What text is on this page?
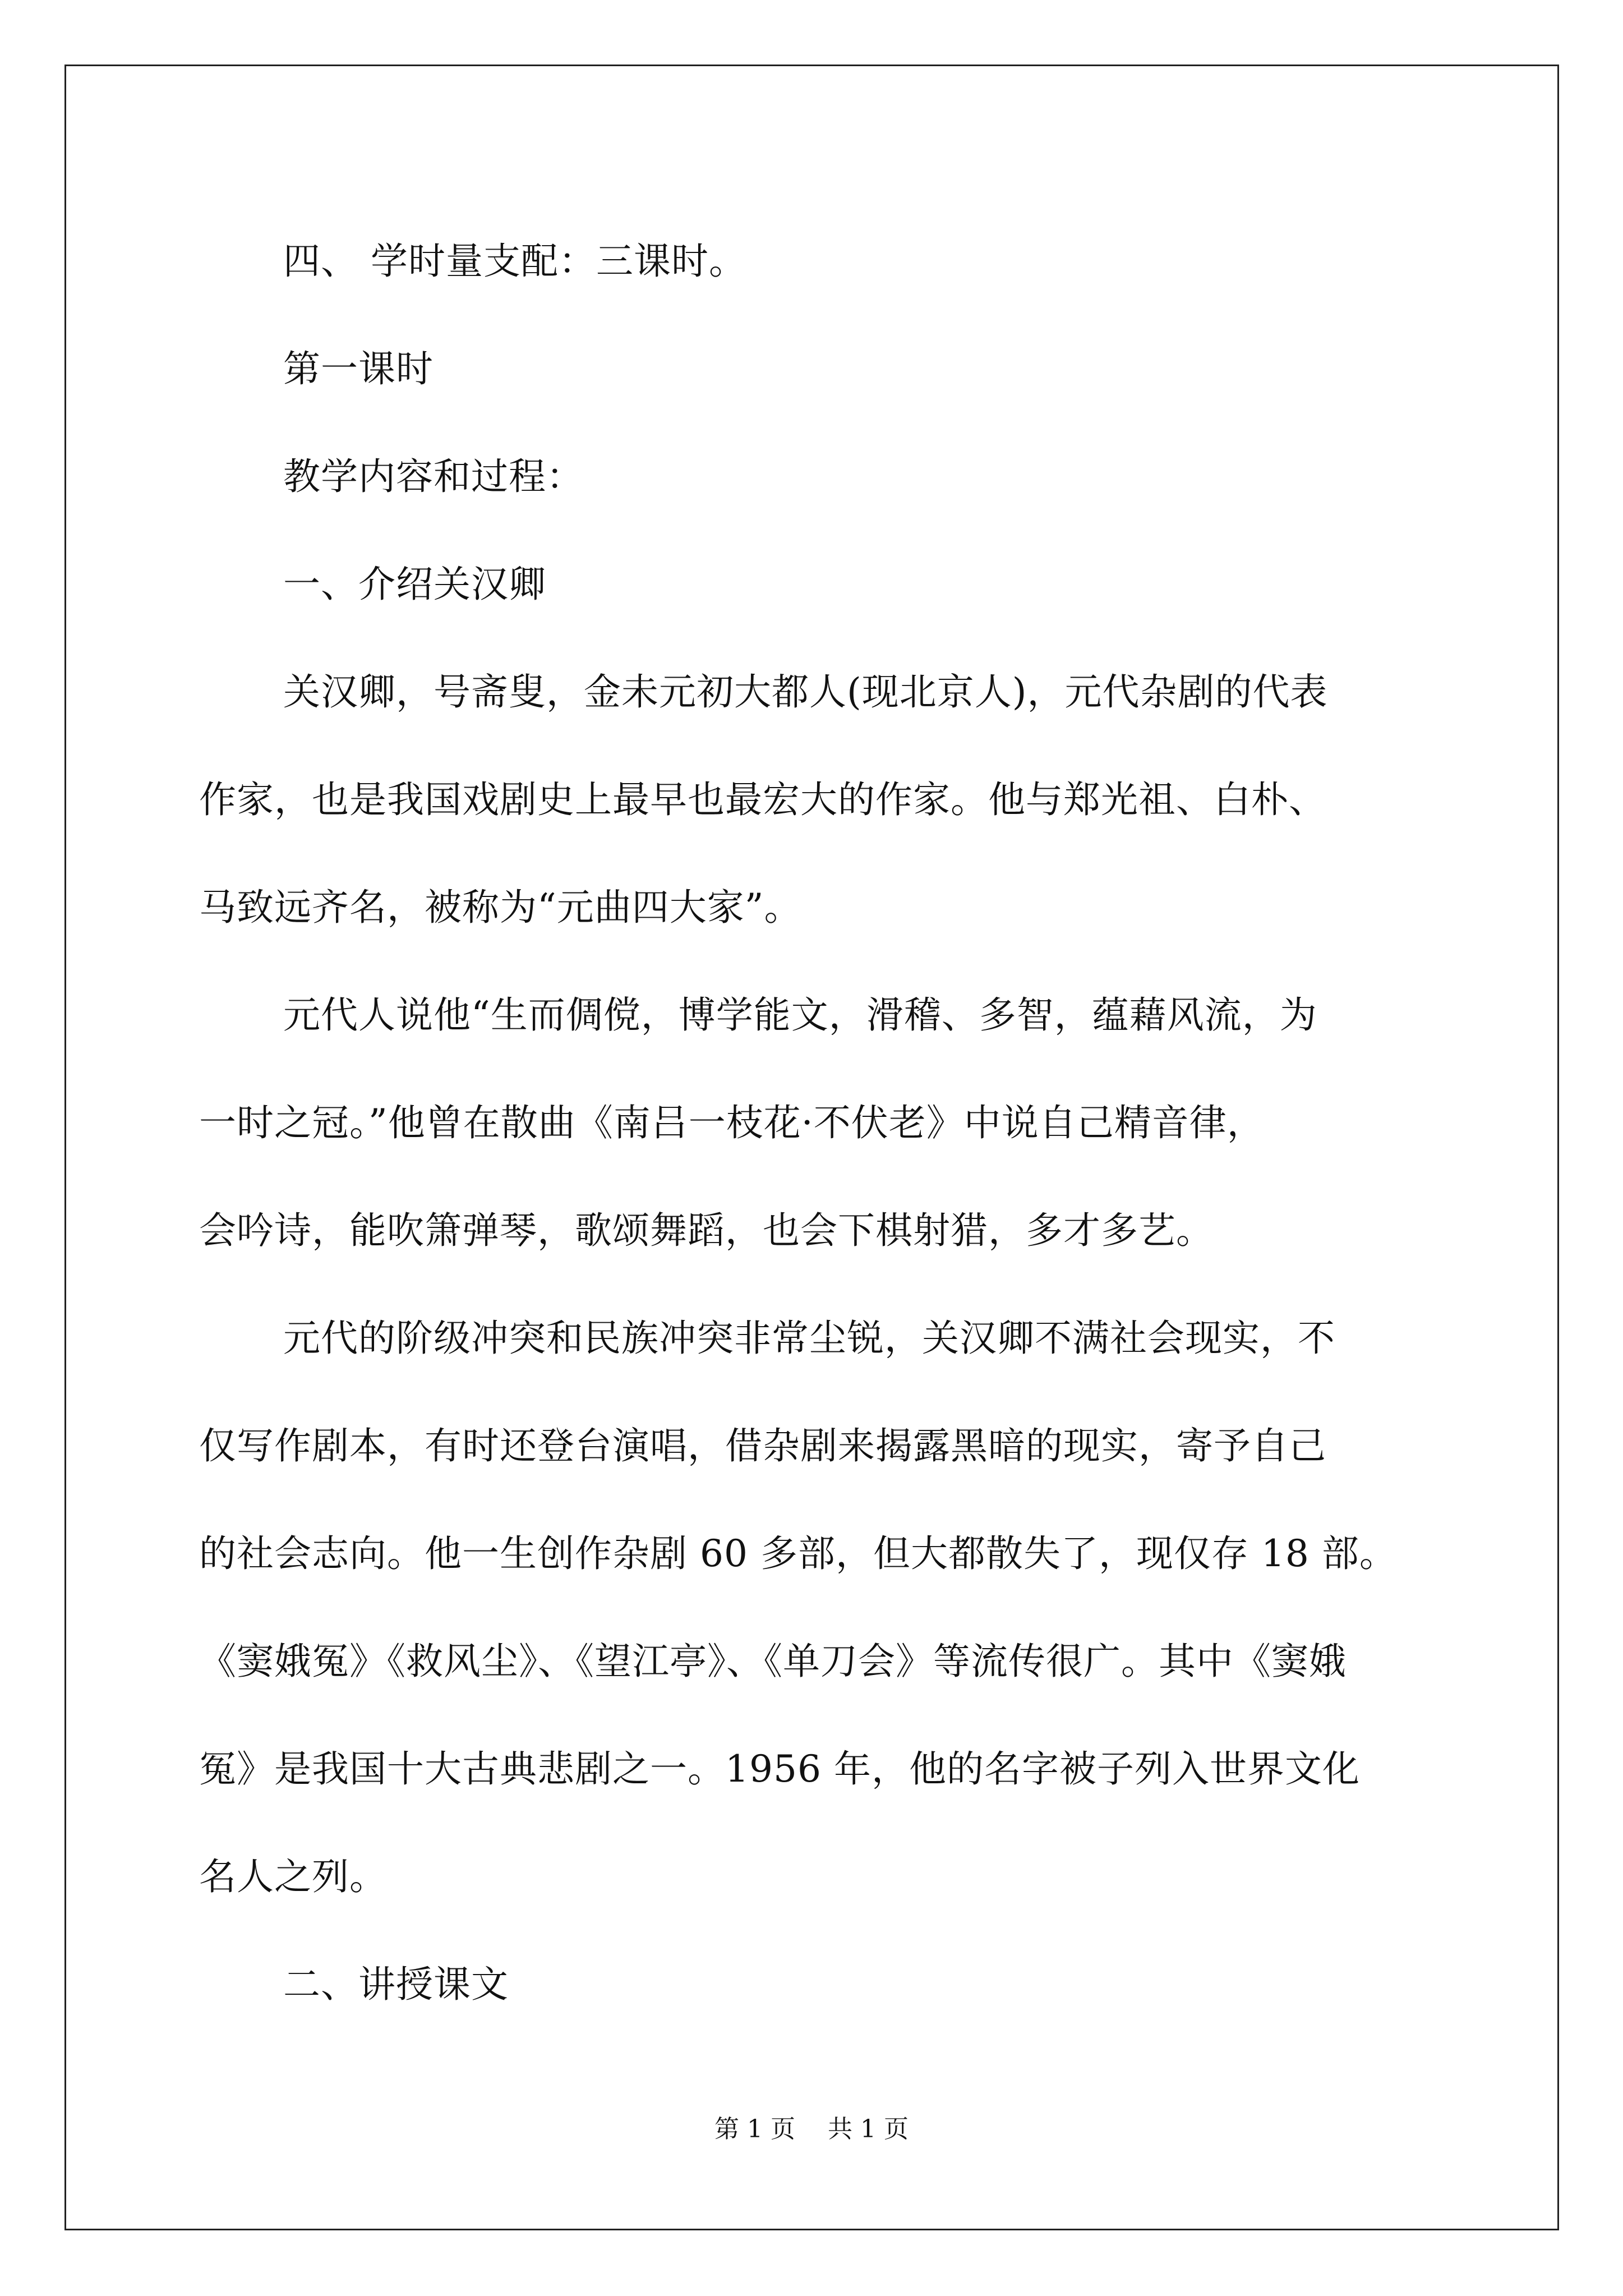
四、 学时量支配：三课时。

第一课时

教学内容和过程：

一、介绍关汉卿

关汉卿，号斋叟，金未元初大都人(现北京人)，元代杂剧的代表
作家，也是我国戏剧史上最早也最宏大的作家。他与郑光祖、白朴、
马致远齐名，被称为“元曲四大家”。

元代人说他“生而倜傥，博学能文，滑稽、多智，蕴藉风流，为
一时之冠。”他曾在散曲《南吕一枝花·不伏老》中说自己精音律，
会吟诗，能吹箫弹琴，歌颂舞蹈，也会下棋射猎，多才多艺。

元代的阶级冲突和民族冲突非常尘锐，关汉卿不满社会现实，不
仅写作剧本，有时还登台演唱，借杂剧来揭露黑暗的现实，寄予自己
的社会志向。他一生创作杂剧 60 多部，但大都散失了，现仅存 18 部。
《窦娥冤》《救风尘》、《望江亭》、《单刀会》等流传很广。其中《窦娥
冤》是我国十大古典悲剧之一。1956 年，他的名字被子列入世界文化
名人之列。

二、讲授课文

第 1 页 共 1 页
